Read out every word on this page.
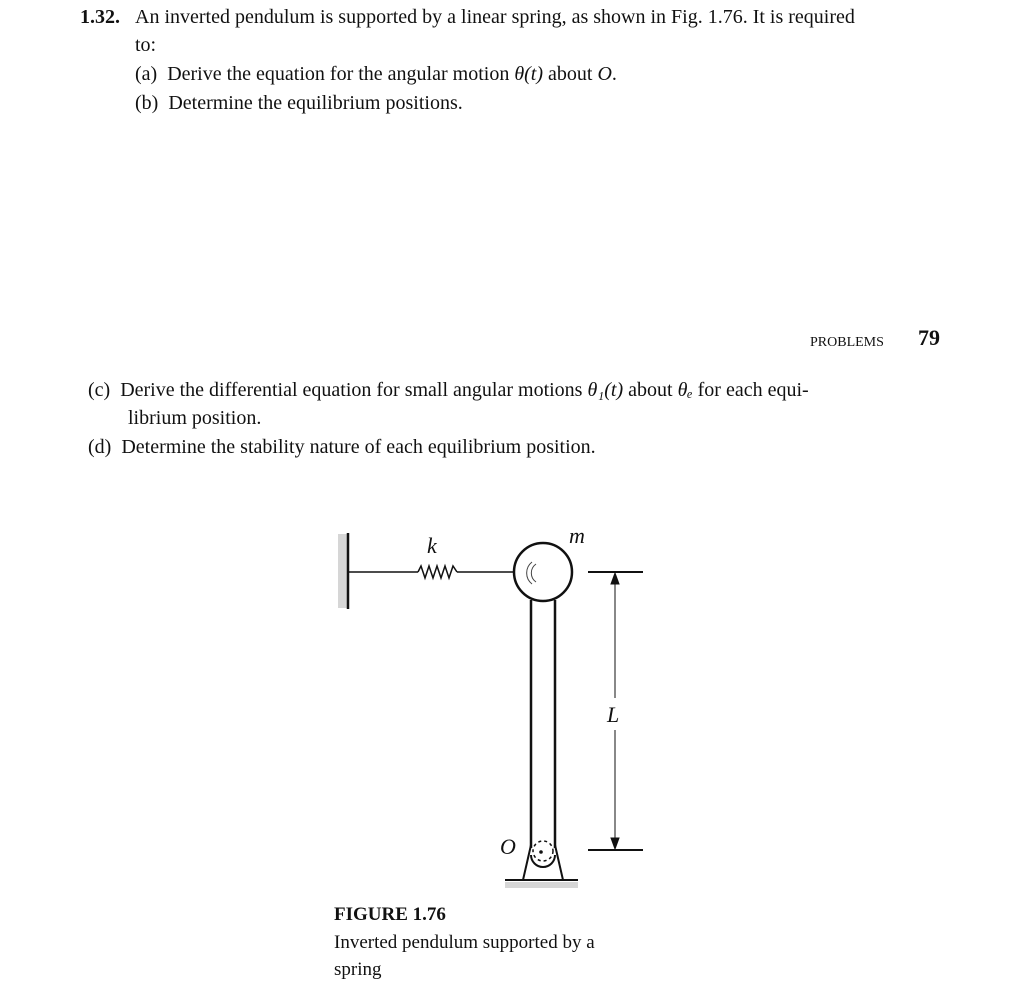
1.32. An inverted pendulum is supported by a linear spring, as shown in Fig. 1.76. It is required
to:
(a) Derive the equation for the angular motion θ(t) about O.
(b) Determine the equilibrium positions.
PROBLEMS 79
(c) Derive the differential equation for small angular motions θ₁(t) about θₑ for each equi-
librium position.
(d) Determine the stability nature of each equilibrium position.
k	m
L
O
FIGURE 1.76
Inverted pendulum supported by a
spring
